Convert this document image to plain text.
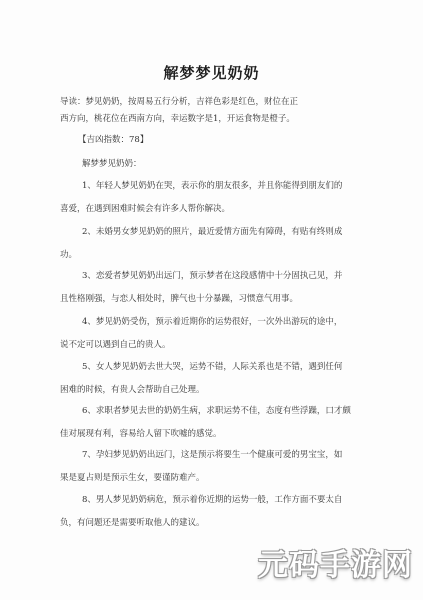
解梦梦见奶奶
导读：梦见奶奶，按周易五行分析，吉祥色彩是红色，财位在正
西方向，桃花位在西南方向，幸运数字是1，开运食物是橙子。
【吉凶指数：78】
解梦梦见奶奶：
1、年轻人梦见奶奶在哭，表示你的朋友很多，并且你能得到朋友们的
喜爱，在遇到困难时候会有许多人帮你解决。
2、未婚男女梦见奶奶的照片，最近爱情方面先有障碍，有贴有终则成
功。
3、恋爱者梦见奶奶出远门，预示梦者在这段感情中十分固执己见，并
且性格刚强，与恋人相处时，脾气也十分暴躁，习惯意气用事。
4、梦见奶奶受伤，预示着近期你的运势很好，一次外出游玩的途中，
说不定可以遇到自己的贵人。
5、女人梦见奶奶去世大哭，运势不错，人际关系也是不错，遇到任何
困难的时候，有贵人会帮助自己处理。
6、求职者梦见去世的奶奶生病，求职运势不佳，态度有些浮躁，口才颇
佳对展现有利，容易给人留下吹嘘的感觉。
7、孕妇梦见奶奶出远门，这是预示将要生一个健康可爱的男宝宝，如
果是夏占则是预示生女，要谨防难产。
8、男人梦见奶奶病危，预示着你近期的运势一般，工作方面不要太自
负，有问题还是需要听取他人的建议。
元码手游网
